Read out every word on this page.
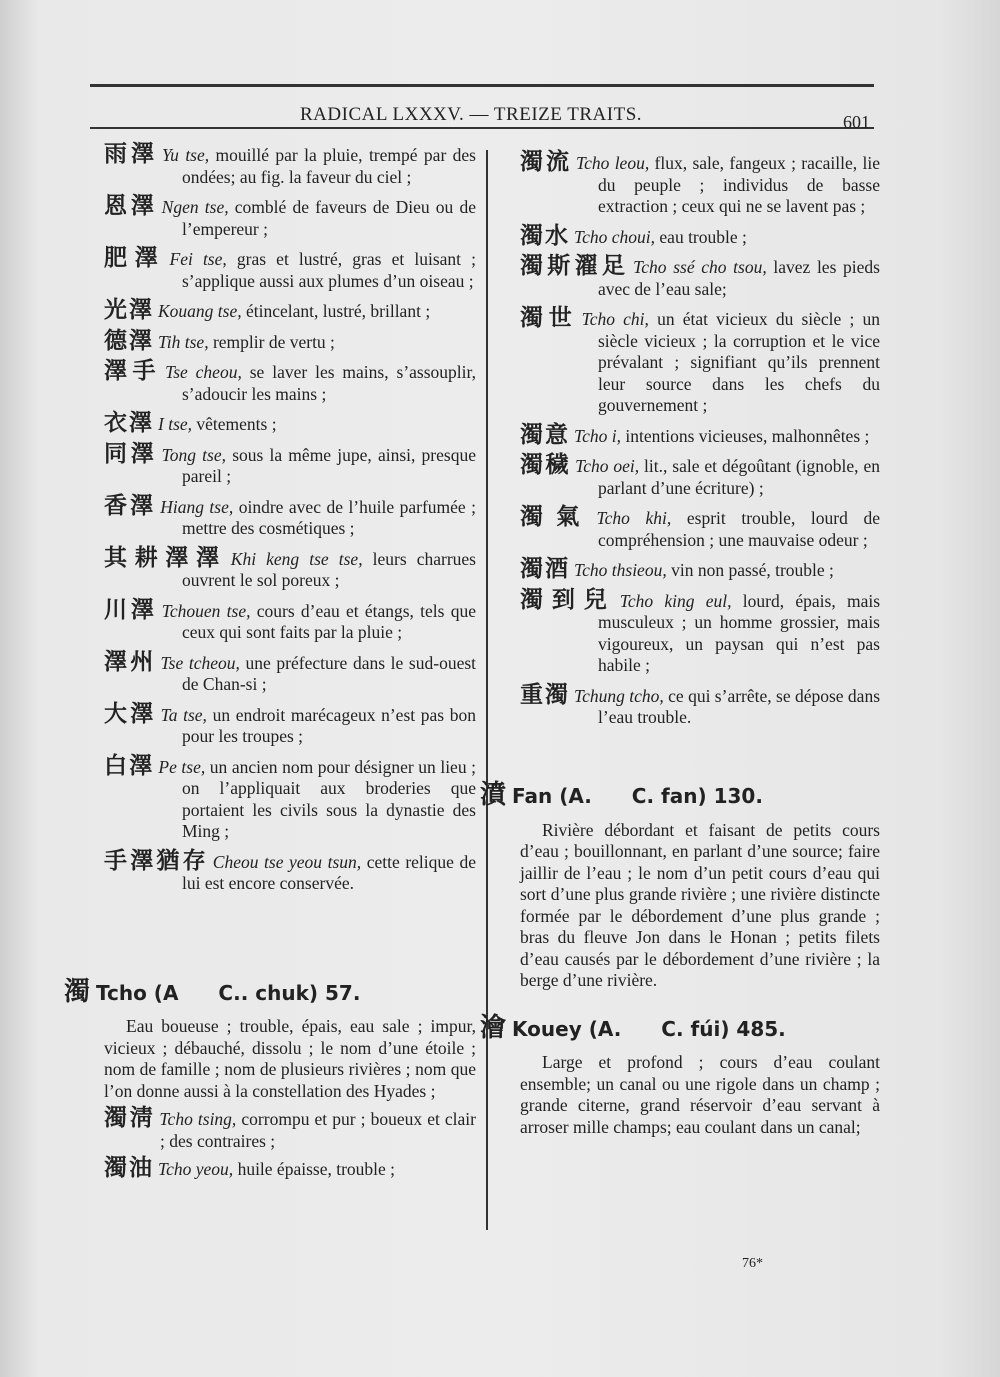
RADICAL LXXXV. — TREIZE TRAITS.	601
雨澤 Yu tse, mouillé par la pluie, trempé par des ondées; au fig. la faveur du ciel ;
恩澤 Ngen tse, comblé de faveurs de Dieu ou de l’empereur ;
肥澤 Fei tse, gras et lustré, gras et luisant ; s’applique aussi aux plumes d’un oiseau ;
光澤 Kouang tse, étincelant, lustré, brillant ;
德澤 Tih tse, remplir de vertu ;
澤手 Tse cheou, se laver les mains, s’assouplir, s’adoucir les mains ;
衣澤 I tse, vêtements ;
同澤 Tong tse, sous la même jupe, ainsi, presque pareil ;
香澤 Hiang tse, oindre avec de l’huile parfumée ; mettre des cosmétiques ;
其耕澤澤 Khi keng tse tse, leurs charrues ouvrent le sol poreux ;
川澤 Tchouen tse, cours d’eau et étangs, tels que ceux qui sont faits par la pluie ;
澤州 Tse tcheou, une préfecture dans le sud-ouest de Chan-si ;
大澤 Ta tse, un endroit marécageux n’est pas bon pour les troupes ;
白澤 Pe tse, un ancien nom pour désigner un lieu ; on l’appliquait aux broderies que portaient les civils sous la dynastie des Ming ;
手澤猶存 Cheou tse yeou tsun, cette relique de lui est encore conservée.
濁 Tcho (A C.. chuk) 57.
Eau boueuse ; trouble, épais, eau sale ; impur, vicieux ; débauché, dissolu ; le nom d’une étoile ; nom de famille ; nom de plusieurs rivières ; nom que l’on donne aussi à la constellation des Hyades ;
濁淸 Tcho tsing, corrompu et pur ; boueux et clair ; des contraires ;
濁油 Tcho yeou, huile épaisse, trouble ;
濁流 Tcho leou, flux, sale, fangeux ; racaille, lie du peuple ; individus de basse extraction ; ceux qui ne se lavent pas ;
濁水 Tcho choui, eau trouble ;
濁斯濯足 Tcho ssé cho tsou, lavez les pieds avec de l’eau sale;
濁世 Tcho chi, un état vicieux du siècle ; un siècle vicieux ; la corruption et le vice prévalant ; signifiant qu’ils prennent leur source dans les chefs du gouvernement ;
濁意 Tcho i, intentions vicieuses, malhonnêtes ;
濁穢 Tcho oei, lit., sale et dégoûtant (ignoble, en parlant d’une écriture) ;
濁氣 Tcho khi, esprit trouble, lourd de compréhension ; une mauvaise odeur ;
濁酒 Tcho thsieou, vin non passé, trouble ;
濁到兒 Tcho king eul, lourd, épais, mais musculeux ; un homme grossier, mais vigoureux, un paysan qui n’est pas habile ;
重濁 Tchung tcho, ce qui s’arrête, se dépose dans l’eau trouble.
濆 Fan (A. C. fan) 130.
Rivière débordant et faisant de petits cours d’eau ; bouillonnant, en parlant d’une source; faire jaillir de l’eau ; le nom d’un petit cours d’eau qui sort d’une plus grande rivière ; une rivière distincte formée par le débordement d’une plus grande ; bras du fleuve Jon dans le Honan ; petits filets d’eau causés par le débordement d’une rivière ; la berge d’une rivière.
澮 Kouey (A. C. fúi) 485.
Large et profond ; cours d’eau coulant ensemble; un canal ou une rigole dans un champ ; grande citerne, grand réservoir d’eau servant à arroser mille champs; eau coulant dans un canal;
76*
